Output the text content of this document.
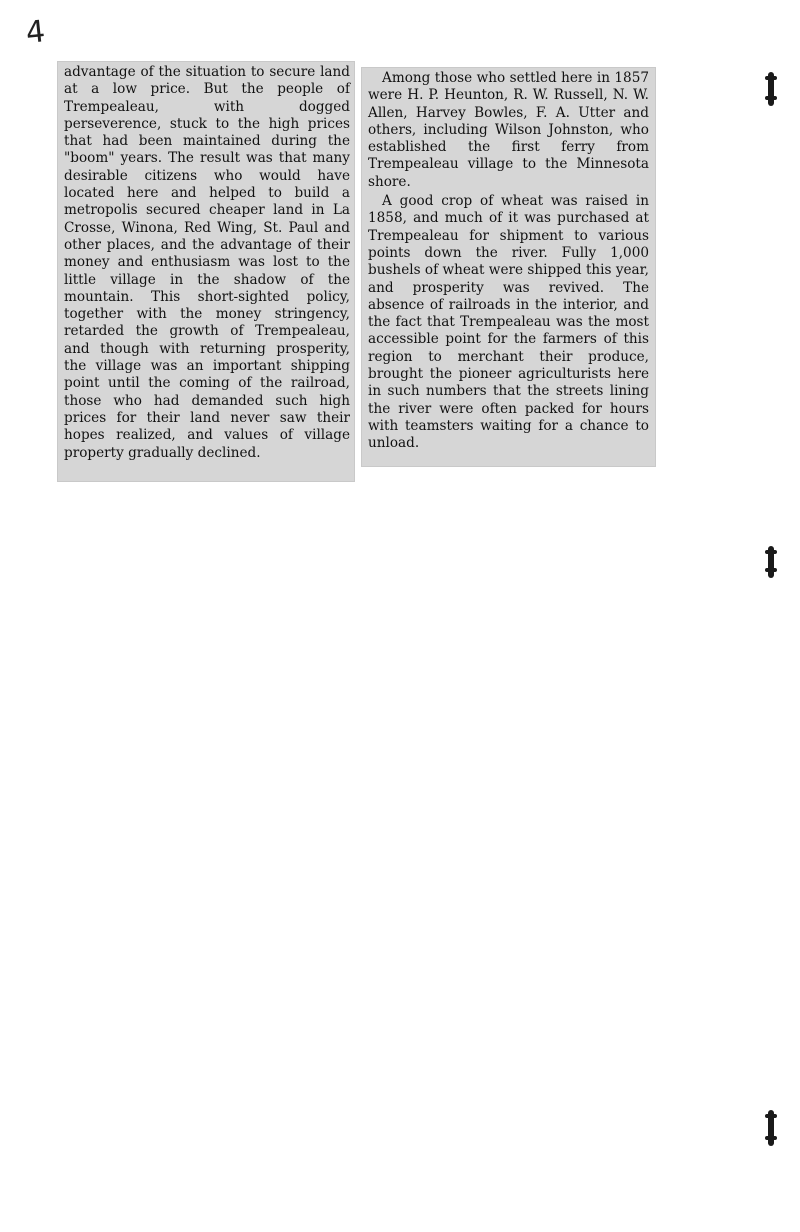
4

advantage of the situation to secure land at a low price. But the people of Trempealeau, with dogged perseverence, stuck to the high prices that had been maintained during the "boom" years. The result was that many desirable citizens who would have located here and helped to build a metropolis secured cheaper land in La Crosse, Winona, Red Wing, St. Paul and other places, and the advantage of their money and enthusiasm was lost to the little village in the shadow of the mountain. This short-sighted policy, together with the money stringency, retarded the growth of Trempealeau, and though with returning prosperity, the village was an important shipping point until the coming of the railroad, those who had demanded such high prices for their land never saw their hopes realized, and values of village property gradually declined.

Among those who settled here in 1857 were H. P. Heunton, R. W. Russell, N. W. Allen, Harvey Bowles, F. A. Utter and others, including Wilson Johnston, who established the first ferry from Trempealeau village to the Minnesota shore.

A good crop of wheat was raised in 1858, and much of it was purchased at Trempealeau for shipment to various points down the river. Fully 1,000 bushels of wheat were shipped this year, and prosperity was revived. The absence of railroads in the interior, and the fact that Trempealeau was the most accessible point for the farmers of this region to merchant their produce, brought the pioneer agriculturists here in such numbers that the streets lining the river were often packed for hours with teamsters waiting for a chance to unload.
